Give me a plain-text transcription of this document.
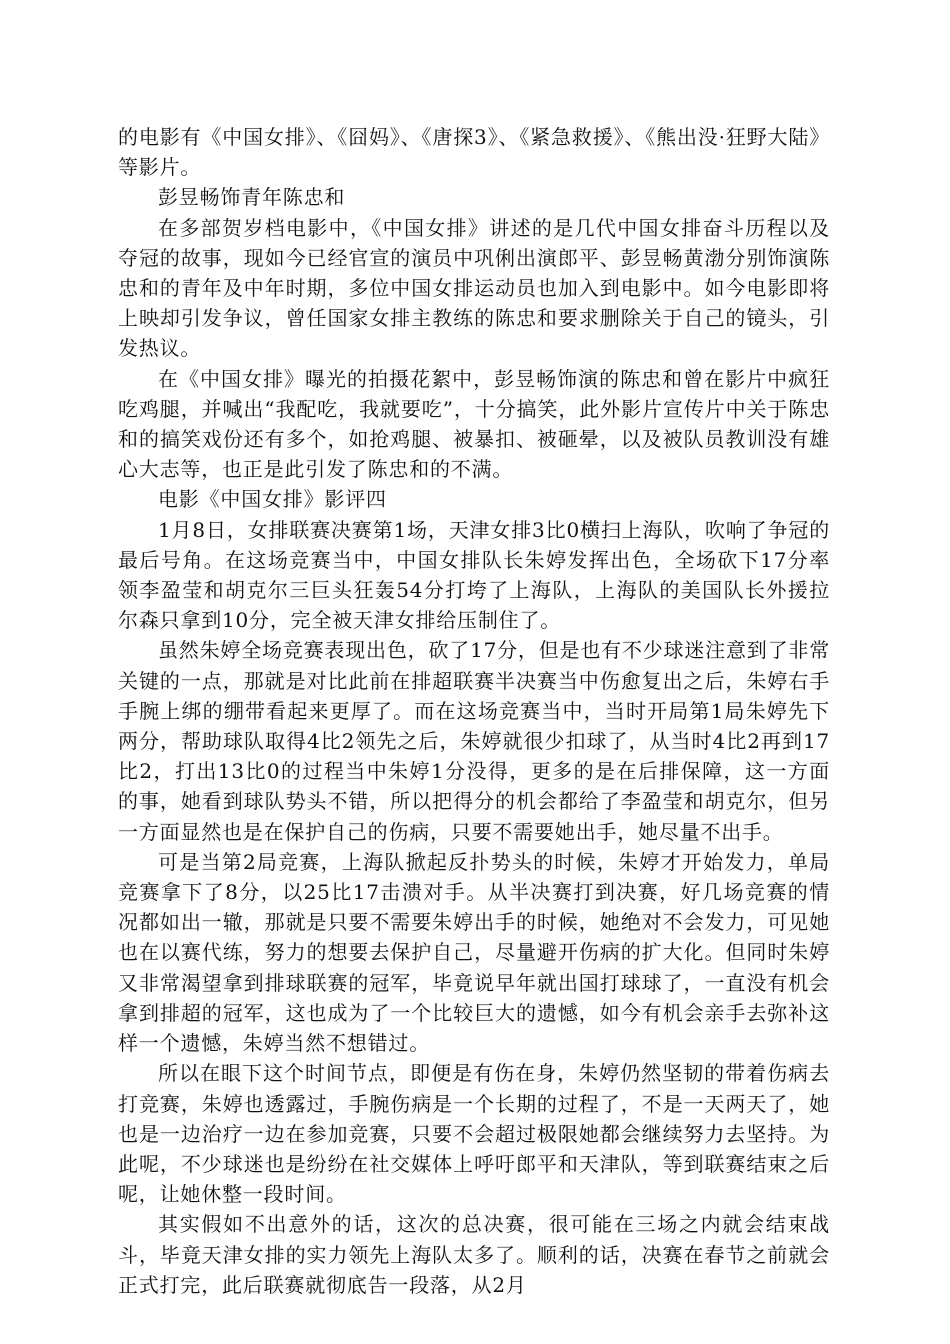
的电影有《中国女排》、《囧妈》、《唐探3》、《紧急救援》、《熊出没·狂野大陆》等影片。

彭昱畅饰青年陈忠和

在多部贺岁档电影中，《中国女排》讲述的是几代中国女排奋斗历程以及夺冠的故事，现如今已经官宣的演员中巩俐出演郎平、彭昱畅黄渤分别饰演陈忠和的青年及中年时期，多位中国女排运动员也加入到电影中。如今电影即将上映却引发争议，曾任国家女排主教练的陈忠和要求删除关于自己的镜头，引发热议。

在《中国女排》曝光的拍摄花絮中，彭昱畅饰演的陈忠和曾在影片中疯狂吃鸡腿，并喊出“我配吃，我就要吃”，十分搞笑，此外影片宣传片中关于陈忠和的搞笑戏份还有多个，如抢鸡腿、被暴扣、被砸晕，以及被队员教训没有雄心大志等，也正是此引发了陈忠和的不满。

电影《中国女排》影评四

1月8日，女排联赛决赛第1场，天津女排3比0横扫上海队，吹响了争冠的最后号角。在这场竞赛当中，中国女排队长朱婷发挥出色，全场砍下17分率领李盈莹和胡克尔三巨头狂轰54分打垮了上海队，上海队的美国队长外援拉尔森只拿到10分，完全被天津女排给压制住了。

虽然朱婷全场竞赛表现出色，砍了17分，但是也有不少球迷注意到了非常关键的一点，那就是对比此前在排超联赛半决赛当中伤愈复出之后，朱婷右手手腕上绑的绷带看起来更厚了。而在这场竞赛当中，当时开局第1局朱婷先下两分，帮助球队取得4比2领先之后，朱婷就很少扣球了，从当时4比2再到17比2，打出13比0的过程当中朱婷1分没得，更多的是在后排保障，这一方面的事，她看到球队势头不错，所以把得分的机会都给了李盈莹和胡克尔，但另一方面显然也是在保护自己的伤病，只要不需要她出手，她尽量不出手。

可是当第2局竞赛，上海队掀起反扑势头的时候，朱婷才开始发力，单局竞赛拿下了8分，以25比17击溃对手。从半决赛打到决赛，好几场竞赛的情况都如出一辙，那就是只要不需要朱婷出手的时候，她绝对不会发力，可见她也在以赛代练，努力的想要去保护自己，尽量避开伤病的扩大化。但同时朱婷又非常渴望拿到排球联赛的冠军，毕竟说早年就出国打球球了，一直没有机会拿到排超的冠军，这也成为了一个比较巨大的遗憾，如今有机会亲手去弥补这样一个遗憾，朱婷当然不想错过。

所以在眼下这个时间节点，即便是有伤在身，朱婷仍然坚韧的带着伤病去打竞赛，朱婷也透露过，手腕伤病是一个长期的过程了，不是一天两天了，她也是一边治疗一边在参加竞赛，只要不会超过极限她都会继续努力去坚持。为此呢，不少球迷也是纷纷在社交媒体上呼吁郎平和天津队，等到联赛结束之后呢，让她休整一段时间。

其实假如不出意外的话，这次的总决赛，很可能在三场之内就会结束战斗，毕竟天津女排的实力领先上海队太多了。顺利的话，决赛在春节之前就会正式打完，此后联赛就彻底告一段落，从2月
